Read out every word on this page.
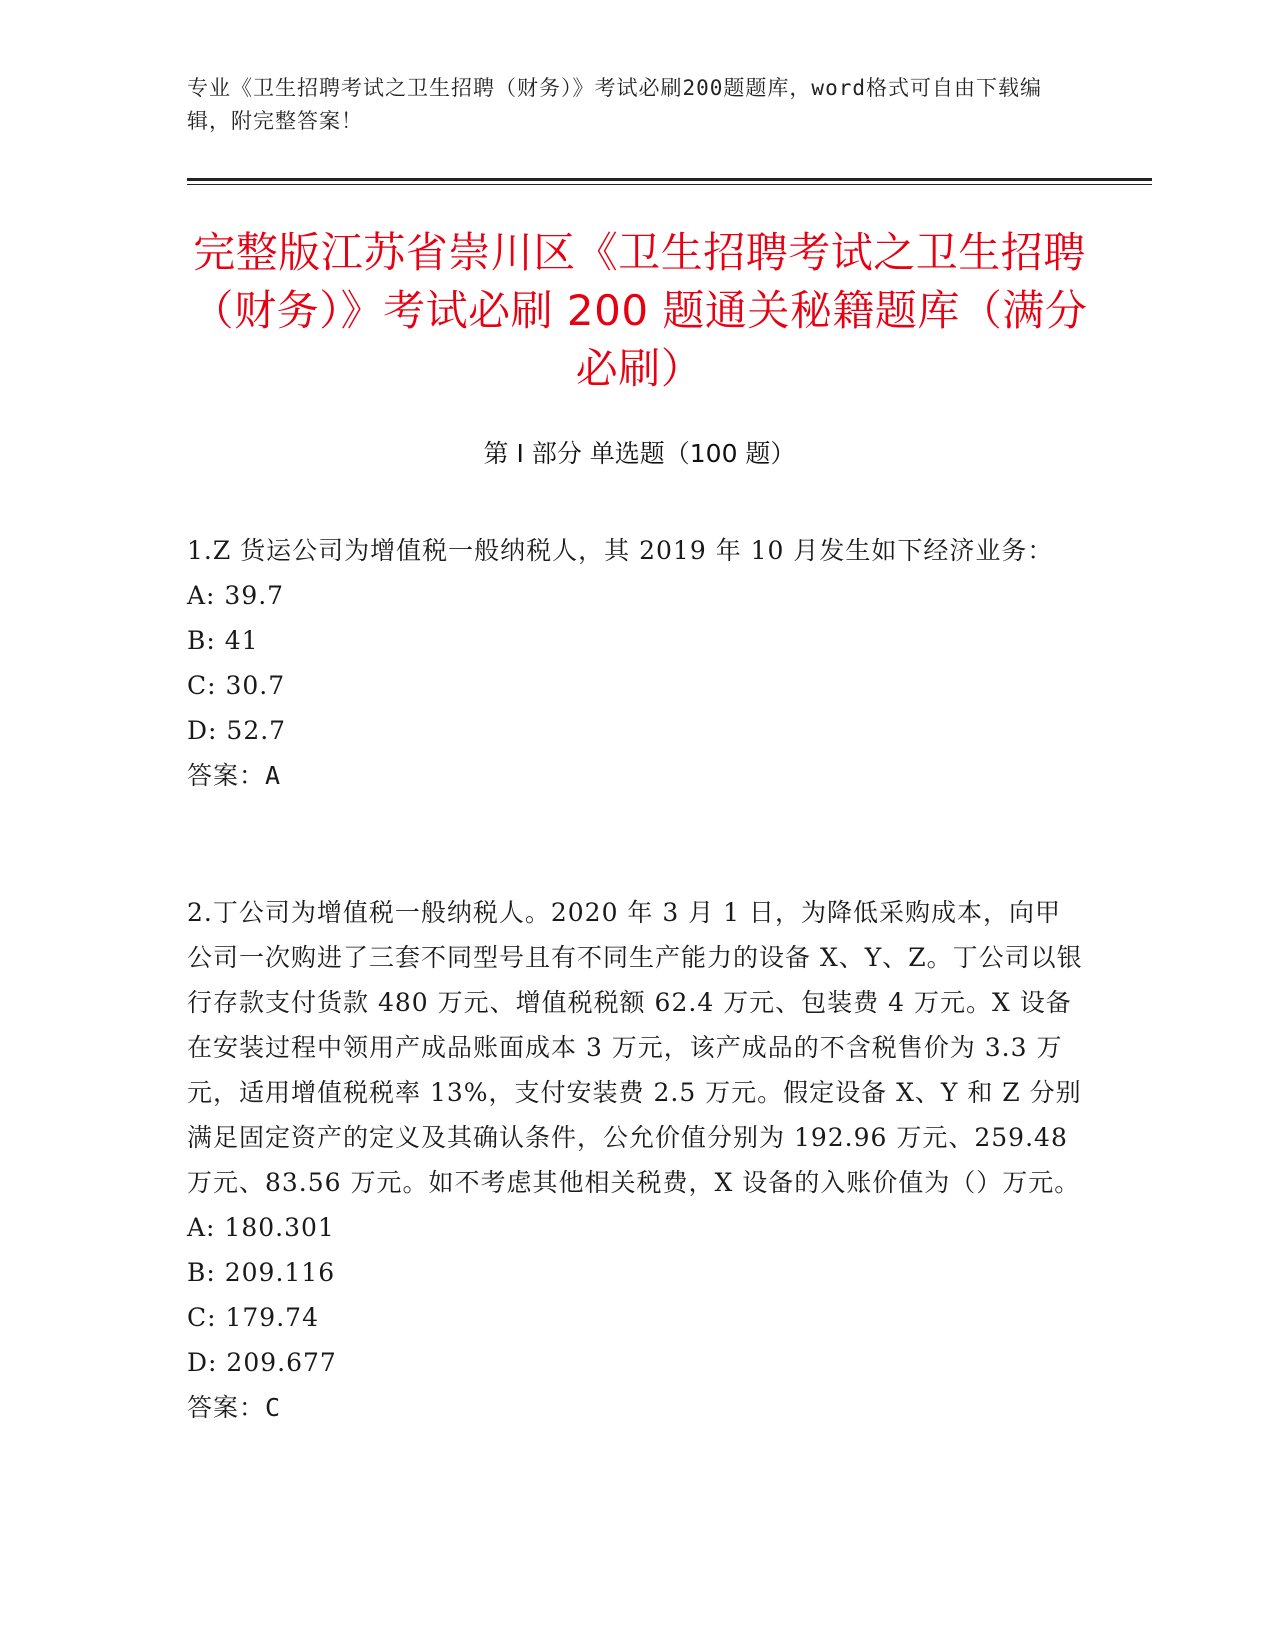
专业《卫生招聘考试之卫生招聘（财务）》考试必刷200题题库，word格式可自由下载编辑，附完整答案！
完整版江苏省崇川区《卫生招聘考试之卫生招聘（财务）》考试必刷 200 题通关秘籍题库（满分必刷）
第 I 部分 单选题（100 题）

1.Z 货运公司为增值税一般纳税人，其 2019 年 10 月发生如下经济业务：

A: 39.7

B: 41

C: 30.7

D: 52.7

答案：A

2.丁公司为增值税一般纳税人。2020 年 3 月 1 日，为降低采购成本，向甲公司一次购进了三套不同型号且有不同生产能力的设备 X、Y、Z。丁公司以银行存款支付货款 480 万元、增值税税额 62.4 万元、包装费 4 万元。X 设备在安装过程中领用产成品账面成本 3 万元，该产成品的不含税售价为 3.3 万元，适用增值税税率 13%，支付安装费 2.5 万元。假定设备 X、Y 和 Z 分别满足固定资产的定义及其确认条件，公允价值分别为 192.96 万元、259.48 万元、83.56 万元。如不考虑其他相关税费，X 设备的入账价值为（）万元。

A: 180.301

B: 209.116

C: 179.74

D: 209.677

答案：C
